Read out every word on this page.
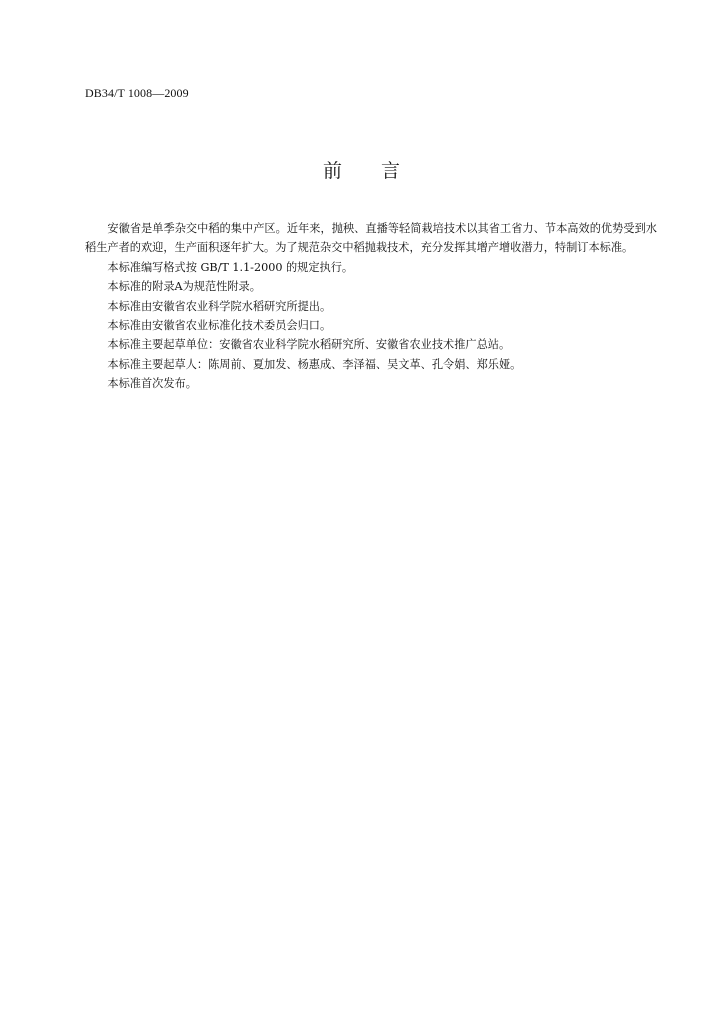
DB34/T 1008—2009
前 言

安徽省是单季杂交中稻的集中产区。近年来，抛秧、直播等轻简栽培技术以其省工省力、节本高效的优势受到水稻生产者的欢迎，生产面积逐年扩大。为了规范杂交中稻抛栽技术，充分发挥其增产增收潜力，特制订本标准。

本标准编写格式按 GB/T 1.1-2000 的规定执行。

本标准的附录A为规范性附录。

本标准由安徽省农业科学院水稻研究所提出。

本标准由安徽省农业标准化技术委员会归口。

本标准主要起草单位：安徽省农业科学院水稻研究所、安徽省农业技术推广总站。

本标准主要起草人：陈周前、夏加发、杨惠成、李泽福、吴文革、孔令娟、郑乐娅。

本标准首次发布。
